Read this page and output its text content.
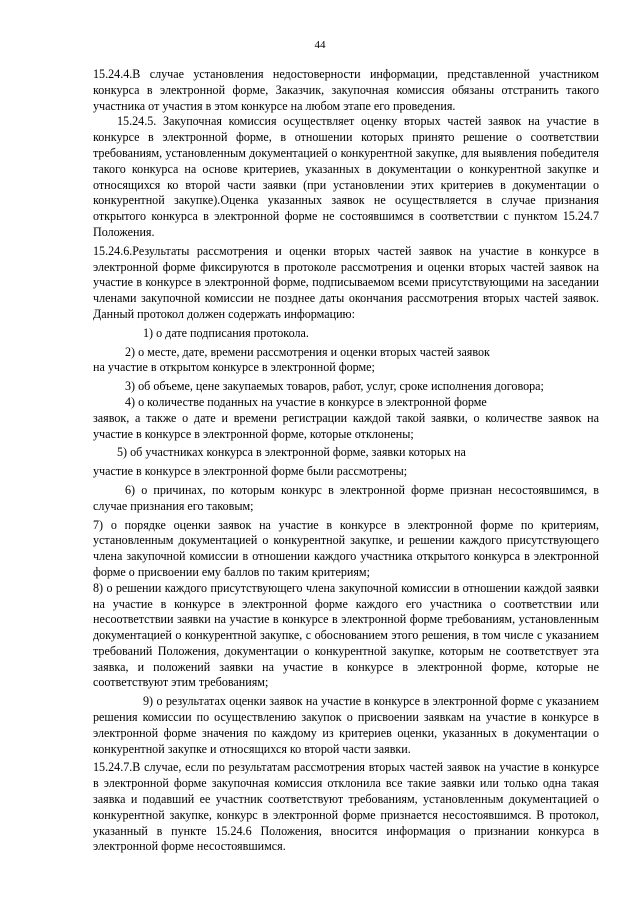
44

15.24.4.В случае установления недостоверности информации, представленной участником конкурса в электронной форме, Заказчик, закупочная комиссия обязаны отстранить такого участника от участия в этом конкурсе на любом этапе его проведения.

15.24.5. Закупочная комиссия осуществляет оценку вторых частей заявок на участие в конкурсе в электронной форме, в отношении которых принято решение о соответствии требованиям, установленным документацией о конкурентной закупке, для выявления победителя такого конкурса на основе критериев, указанных в документации о конкурентной закупке и относящихся ко второй части заявки (при установлении этих критериев в документации о конкурентной закупке).Оценка указанных заявок не осуществляется в случае признания открытого конкурса в электронной форме не состоявшимся в соответствии с пунктом 15.24.7 Положения.

15.24.6.Результаты рассмотрения и оценки вторых частей заявок на участие в конкурсе в электронной форме фиксируются в протоколе рассмотрения и оценки вторых частей заявок на участие в конкурсе в электронной форме, подписываемом всеми присутствующими на заседании членами закупочной комиссии не позднее даты окончания рассмотрения вторых частей заявок. Данный протокол должен содержать информацию:

1) о дате подписания протокола.

2) о месте, дате, времени рассмотрения и оценки вторых частей заявок

на участие в открытом конкурсе в электронной форме;

3) об объеме, цене закупаемых товаров, работ, услуг, сроке исполнения договора;

4) о количестве поданных на участие в конкурсе в электронной форме

заявок, а также о дате и времени регистрации каждой такой заявки, о количестве заявок на участие в конкурсе в электронной форме, которые отклонены;

5) об участниках конкурса в электронной форме, заявки которых на

участие в конкурсе в электронной форме были рассмотрены;

6) о причинах, по которым конкурс в электронной форме признан несостоявшимся, в случае признания его таковым;

7) о порядке оценки заявок на участие в конкурсе в электронной форме по критериям, установленным документацией о конкурентной закупке, и решении каждого присутствующего члена закупочной комиссии в отношении каждого участника открытого конкурса в электронной форме о присвоении ему баллов по таким критериям;

8) о решении каждого присутствующего члена закупочной комиссии в отношении каждой заявки на участие в конкурсе в электронной форме каждого его участника о соответствии или несоответствии заявки на участие в конкурсе в электронной форме требованиям, установленным документацией о конкурентной закупке, с обоснованием этого решения, в том числе с указанием требований Положения, документации о конкурентной закупке, которым не соответствует эта заявка, и положений заявки на участие в конкурсе в электронной форме, которые не соответствуют этим требованиям;

9) о результатах оценки заявок на участие в конкурсе в электронной форме с указанием решения комиссии по осуществлению закупок о присвоении заявкам на участие в конкурсе в электронной форме значения по каждому из критериев оценки, указанных в документации о конкурентной закупке и относящихся ко второй части заявки.

15.24.7.В случае, если по результатам рассмотрения вторых частей заявок на участие в конкурсе в электронной форме закупочная комиссия отклонила все такие заявки или только одна такая заявка и подавший ее участник соответствуют требованиям, установленным документацией о конкурентной закупке, конкурс в электронной форме признается несостоявшимся. В протокол, указанный в пункте 15.24.6 Положения, вносится информация о признании конкурса в электронной форме несостоявшимся.
